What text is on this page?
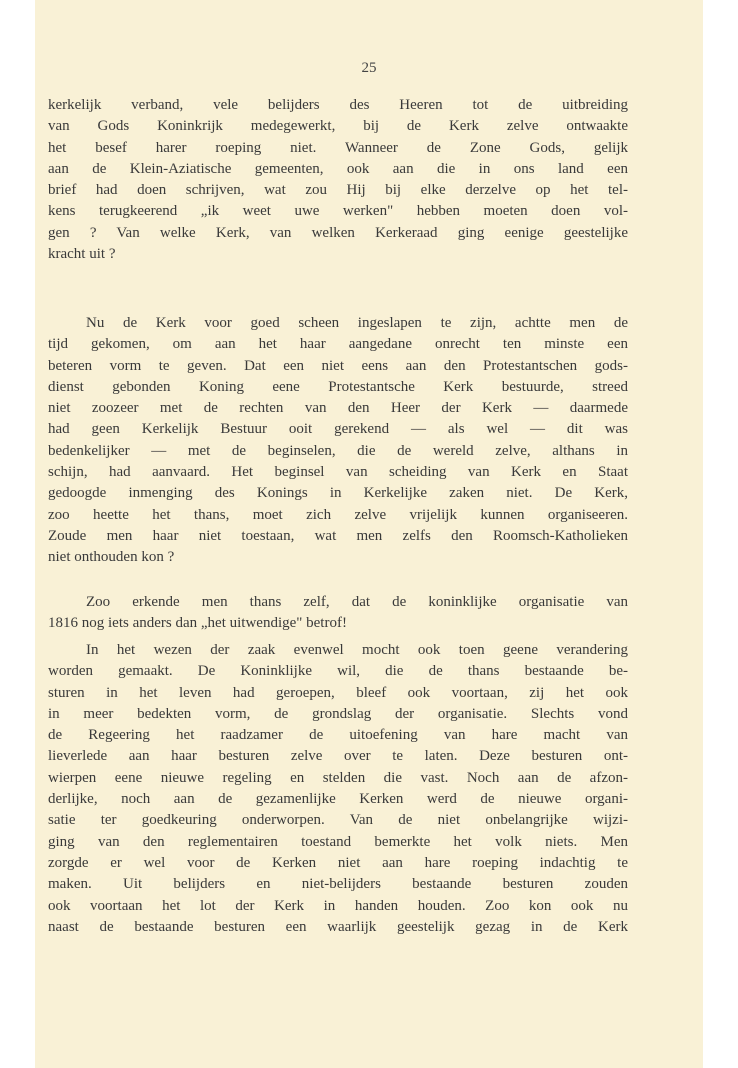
25
kerkelijk verband, vele belijders des Heeren tot de uitbreiding
van Gods Koninkrijk medegewerkt, bij de Kerk zelve ontwaakte
het besef harer roeping niet. Wanneer de Zone Gods, gelijk
aan de Klein-Aziatische gemeenten, ook aan die in ons land een
brief had doen schrijven, wat zou Hij bij elke derzelve op het tel-
kens terugkeerend „ik weet uwe werken" hebben moeten doen vol-
gen ? Van welke Kerk, van welken Kerkeraad ging eenige geestelijke
kracht uit ?
Nu de Kerk voor goed scheen ingeslapen te zijn, achtte men de
tijd gekomen, om aan het haar aangedane onrecht ten minste een
beteren vorm te geven. Dat een niet eens aan den Protestantschen gods-
dienst gebonden Koning eene Protestantsche Kerk bestuurde, streed
niet zoozeer met de rechten van den Heer der Kerk — daarmede
had geen Kerkelijk Bestuur ooit gerekend — als wel — dit was
bedenkelijker — met de beginselen, die de wereld zelve, althans in
schijn, had aanvaard. Het beginsel van scheiding van Kerk en Staat
gedoogde inmenging des Konings in Kerkelijke zaken niet. De Kerk,
zoo heette het thans, moet zich zelve vrijelijk kunnen organiseeren.
Zoude men haar niet toestaan, wat men zelfs den Roomsch-Katholieken
niet onthouden kon ?
Zoo erkende men thans zelf, dat de koninklijke organisatie van
1816 nog iets anders dan „het uitwendige" betrof!
In het wezen der zaak evenwel mocht ook toen geene verandering
worden gemaakt. De Koninklijke wil, die de thans bestaande be-
sturen in het leven had geroepen, bleef ook voortaan, zij het ook
in meer bedekten vorm, de grondslag der organisatie. Slechts vond
de Regeering het raadzamer de uitoefening van hare macht van
lieverlede aan haar besturen zelve over te laten. Deze besturen ont-
wierpen eene nieuwe regeling en stelden die vast. Noch aan de afzon-
derlijke, noch aan de gezamenlijke Kerken werd de nieuwe organi-
satie ter goedkeuring onderworpen. Van de niet onbelangrijke wijzi-
ging van den reglementairen toestand bemerkte het volk niets. Men
zorgde er wel voor de Kerken niet aan hare roeping indachtig te
maken. Uit belijders en niet-belijders bestaande besturen zouden
ook voortaan het lot der Kerk in handen houden. Zoo kon ook nu
naast de bestaande besturen een waarlijk geestelijk gezag in de Kerk
